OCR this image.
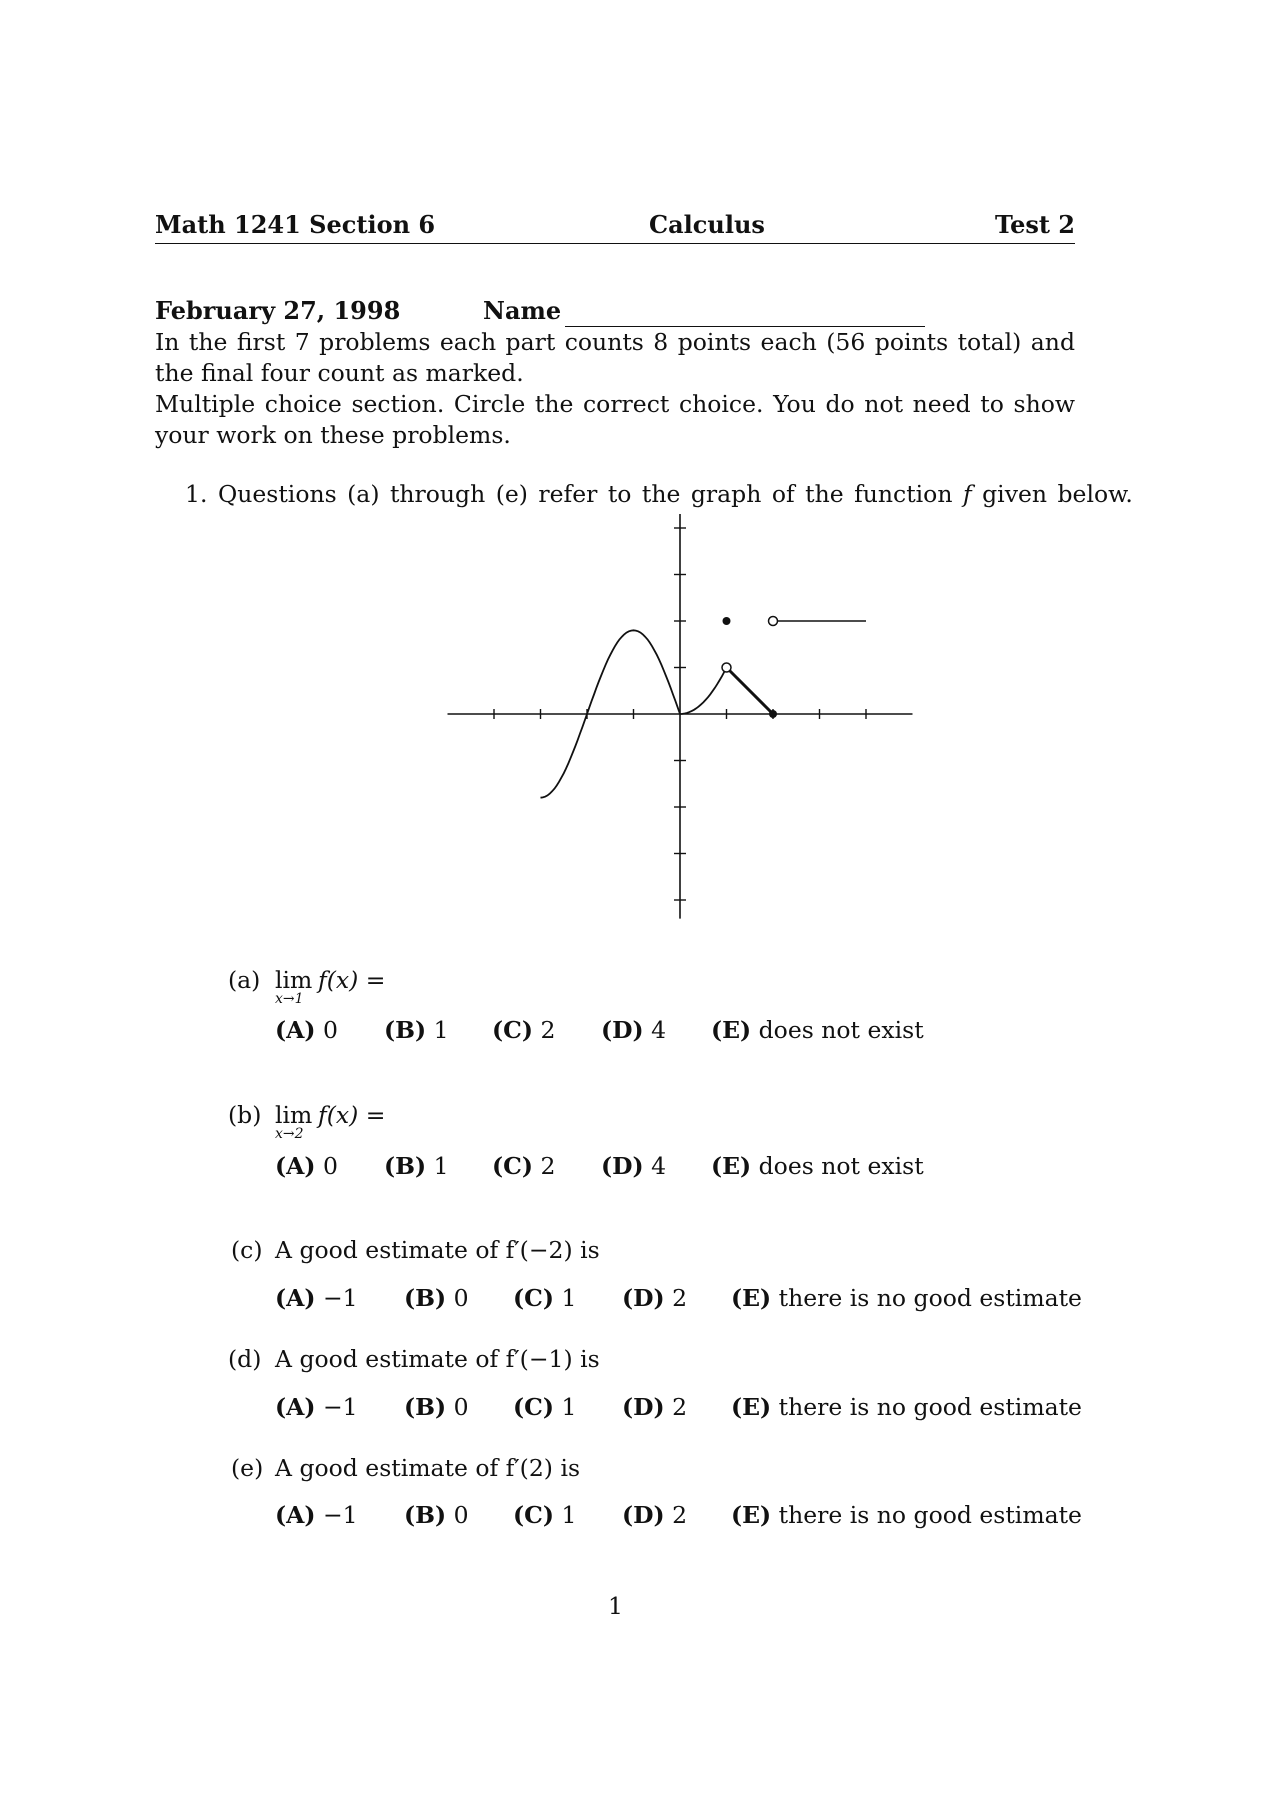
Math 1241 Section 6	Calculus	Test 2
February 27, 1998	Name
In the first 7 problems each part counts 8 points each (56 points total) and the final four count as marked.
Multiple choice section. Circle the correct choice. You do not need to show your work on these problems.
1. Questions (a) through (e) refer to the graph of the function f given below.
(a) lim
x→1
f(x) =
(A) 0 (B) 1 (C) 2 (D) 4 (E) does not exist
(b) lim
x→2
f(x) =
(A) 0 (B) 1 (C) 2 (D) 4 (E) does not exist
(c) A good estimate of f′(−2) is
(A) −1 (B) 0 (C) 1 (D) 2 (E) there is no good estimate
(d) A good estimate of f′(−1) is
(A) −1 (B) 0 (C) 1 (D) 2 (E) there is no good estimate
(e) A good estimate of f′(2) is
(A) −1 (B) 0 (C) 1 (D) 2 (E) there is no good estimate
1
